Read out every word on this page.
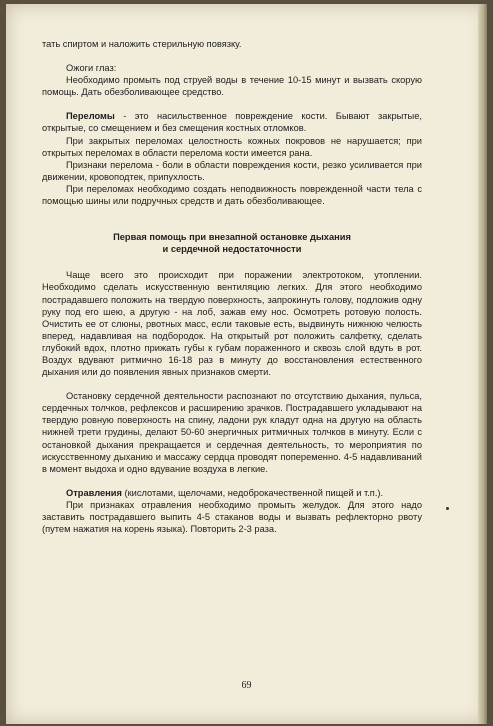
тать спиртом и наложить стерильную повязку.

Ожоги глаз:

Необходимо промыть под струей воды в течение 10-15 минут и вызвать скорую помощь. Дать обезболивающее средство.

Переломы - это насильственное повреждение кости. Бывают закрытые, открытые, со смещением и без смещения костных отломков.

При закрытых переломах целостность кожных покровов не нарушается; при открытых переломах в области перелома кости имеется рана.

Признаки перелома - боли в области повреждения кости, резко усиливается при движении, кровоподтек, припухлость.

При переломах необходимо создать неподвижность поврежденной части тела с помощью шины или подручных средств и дать обезболивающее.

Первая помощь при внезапной остановке дыхания
и сердечной недостаточности

Чаще всего это происходит при поражении электротоком, утоплении. Необходимо сделать искусственную вентиляцию легких. Для этого необходимо пострадавшего положить на твердую поверхность, запрокинуть голову, подложив одну руку под его шею, а другую - на лоб, зажав ему нос. Осмотреть ротовую полость. Очистить ее от слюны, рвотных масс, если таковые есть, выдвинуть нижнюю челюсть вперед, надавливая на подбородок. На открытый рот положить салфетку, сделать глубокий вдох, плотно прижать губы к губам пораженного и сквозь слой вдуть в рот. Воздух вдувают ритмично 16-18 раз в минуту до восстановления естественного дыхания или до появления явных признаков смерти.

Остановку сердечной деятельности распознают по отсутствию дыхания, пульса, сердечных толчков, рефлексов и расширению зрачков. Пострадавшего укладывают на твердую ровную поверхность на спину, ладони рук кладут одна на другую на область нижней трети грудины, делают 50-60 энергичных ритмичных толчков в минуту. Если с остановкой дыхания прекращается и сердечная деятельность, то мероприятия по искусственному дыханию и массажу сердца проводят попеременно. 4-5 надавливаний в момент выдоха и одно вдувание воздуха в легкие.

Отравления (кислотами, щелочами, недоброкачественной пищей и т.п.).

При признаках отравления необходимо промыть желудок. Для этого надо заставить пострадавшего выпить 4-5 стаканов воды и вызвать рефлекторно рвоту (путем нажатия на корень языка). Повторить 2-3 раза.

69
